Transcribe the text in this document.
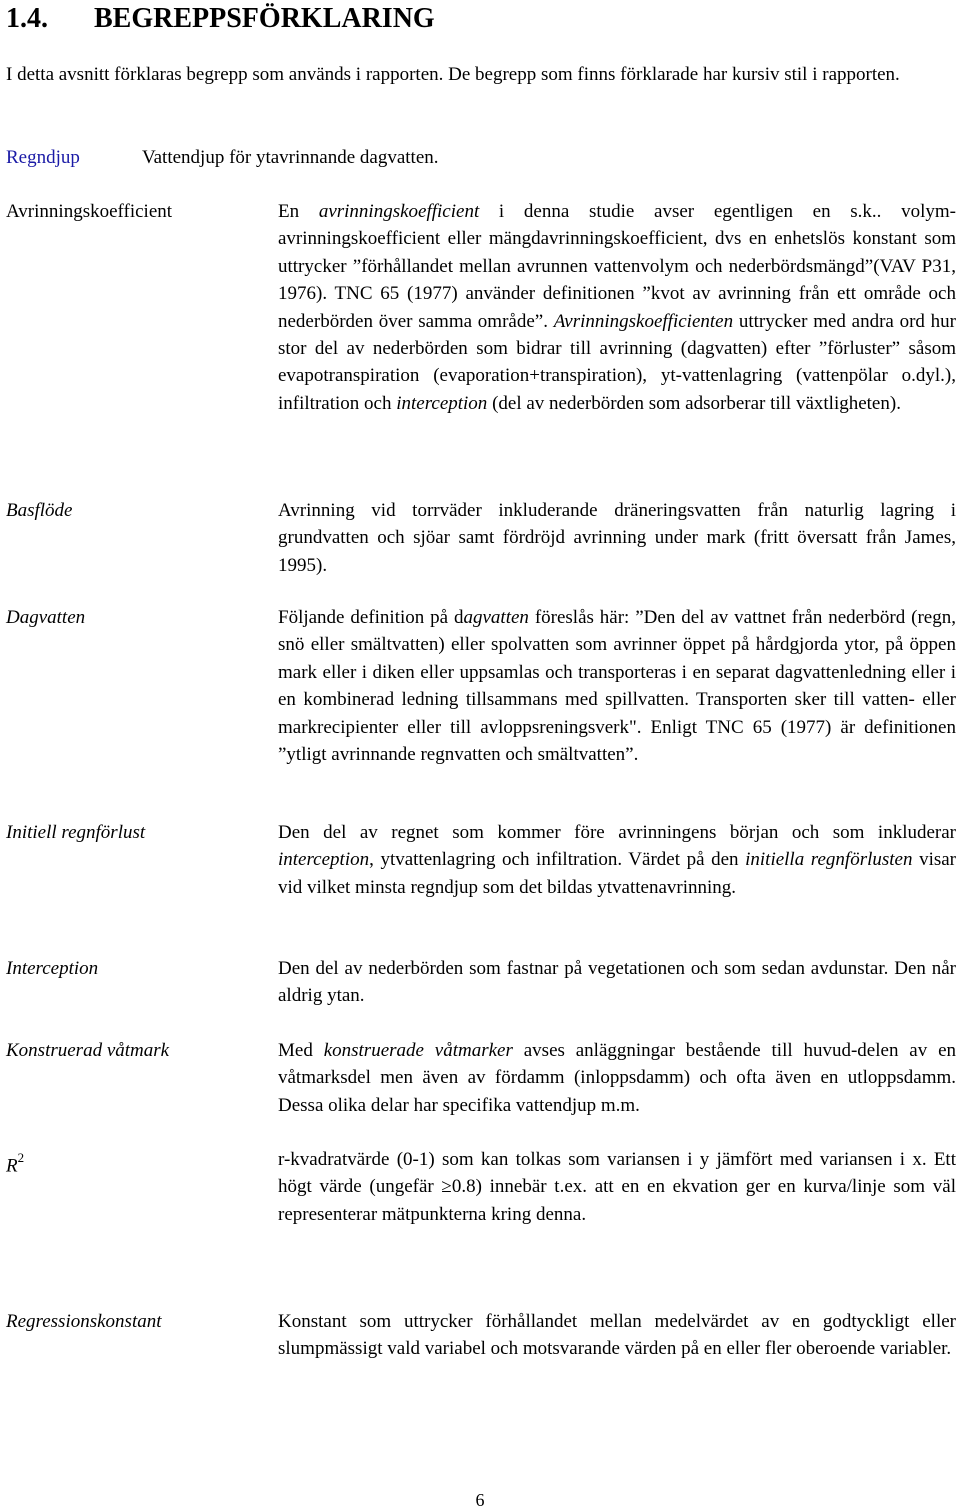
1.4. BEGREPPSFÖRKLARING
I detta avsnitt förklaras begrepp som används i rapporten. De begrepp som finns förklarade har kursiv stil i rapporten.
Regndjup	Vattendjup för ytavrinnande dagvatten.
Avrinningskoefficient	En avrinningskoefficient i denna studie avser egentligen en s.k.. volym-avrinningskoefficient eller mängdavrinningskoefficient, dvs en enhetslös konstant som uttrycker ”förhållandet mellan avrunnen vattenvolym och nederbördsmängd”(VAV P31, 1976). TNC 65 (1977) använder definitionen ”kvot av avrinning från ett område och nederbörden över samma område”. Avrinningskoefficienten uttrycker med andra ord hur stor del av nederbörden som bidrar till avrinning (dagvatten) efter ”förluster” såsom evapotranspiration (evaporation+transpiration), yt-vattenlagring (vattenpölar o.dyl.), infiltration och interception (del av nederbörden som adsorberar till växtligheten).
Basflöde	Avrinning vid torrväder inkluderande dräneringsvatten från naturlig lagring i grundvatten och sjöar samt fördröjd avrinning under mark (fritt översatt från James, 1995).
Dagvatten	Följande definition på dagvatten föreslås här: ”Den del av vattnet från nederbörd (regn, snö eller smältvatten) eller spolvatten som avrinner öppet på hårdgjorda ytor, på öppen mark eller i diken eller uppsamlas och transporteras i en separat dagvattenledning eller i en kombinerad ledning tillsammans med spillvatten. Transporten sker till vatten- eller markrecipienter eller till avloppsreningsverk". Enligt TNC 65 (1977) är definitionen ”ytligt avrinnande regnvatten och smältvatten”.
Initiell regnförlust	Den del av regnet som kommer före avrinningens början och som inkluderar interception, ytvattenlagring och infiltration. Värdet på den initiella regnförlusten visar vid vilket minsta regndjup som det bildas ytvattenavrinning.
Interception	Den del av nederbörden som fastnar på vegetationen och som sedan avdunstar. Den når aldrig ytan.
Konstruerad våtmark	Med konstruerade våtmarker avses anläggningar bestående till huvud-delen av en våtmarksdel men även av fördamm (inloppsdamm) och ofta även en utloppsdamm. Dessa olika delar har specifika vattendjup m.m.
$R^2$	r-kvadratvärde (0-1) som kan tolkas som variansen i y jämfört med variansen i x. Ett högt värde (ungefär ≥0.8) innebär t.ex. att en en ekvation ger en kurva/linje som väl representerar mätpunkterna kring denna.
Regressionskonstant	Konstant som uttrycker förhållandet mellan medelvärdet av en godtyckligt eller slumpmässigt vald variabel och motsvarande värden på en eller fler oberoende variabler.
6
